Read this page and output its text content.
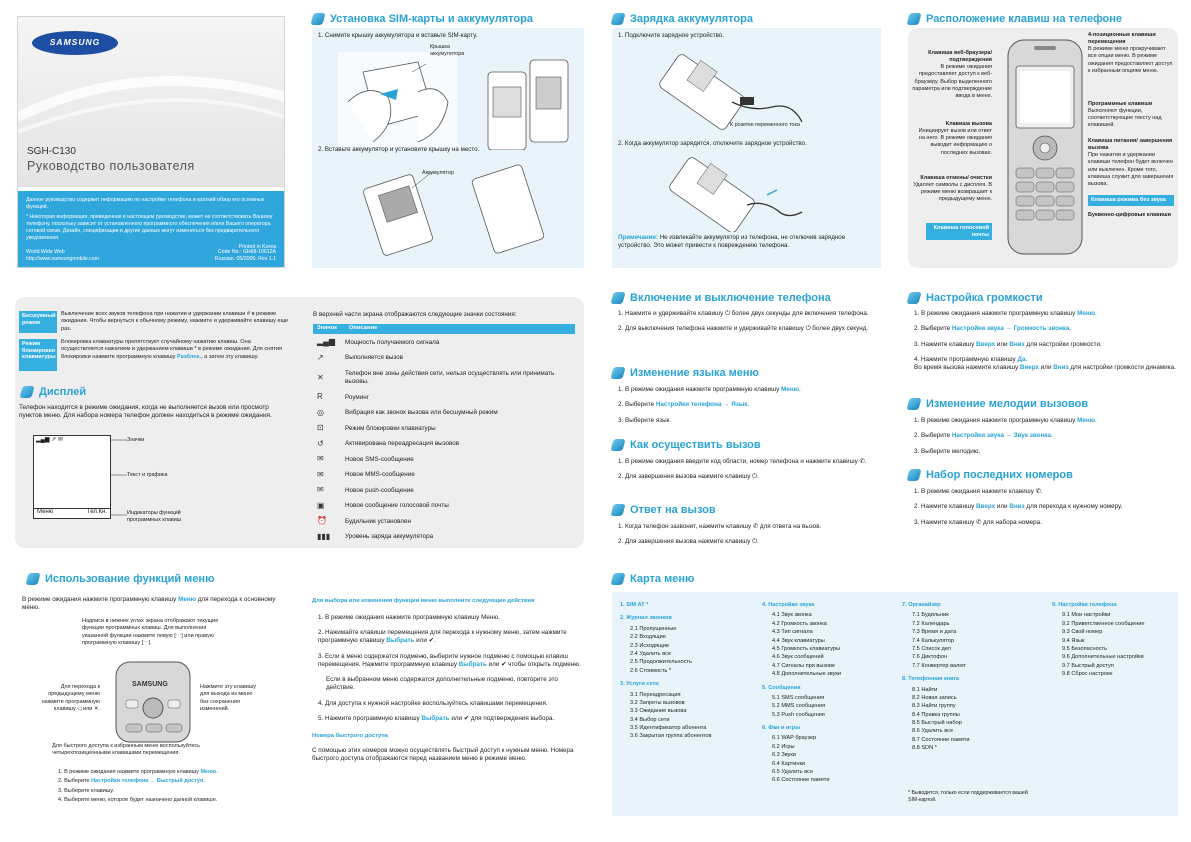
SAMSUNG
SGH-C130
Руководство пользователя
Данное руководство содержит информацию по настройке телефона и краткий обзор его основных функций.
* Некоторая информация, приведенная в настоящем руководстве, может не соответствовать Вашему телефону, поскольку зависит от установленного программного обеспечения и/или Вашего оператора сотовой связи. Дизайн, спецификации и другие данные могут изменяться без предварительного уведомления.
Printed in Korea
World Wide Web
http://www.samsungmobile.com
Code No.: GH68-10612A
Russian. 05/2006. Rev 1.1
Установка SIM-карты и аккумулятора
1. Снимите крышку аккумулятора и вставьте SIM-карту.
Крышка аккумулятора
2. Вставьте аккумулятор и установите крышку на место.
Аккумулятор
Зарядка аккумулятора
1. Подключите зарядное устройство.
К розетке переменного тока
2. Когда аккумулятор зарядится, отключите зарядное устройство.
Примечание: Не извлекайте аккумулятор из телефона, не отключив зарядное устройство. Это может привести к повреждению телефона.
Расположение клавиш на телефоне
Клавиша веб-браузера/ подтверждения
В режиме ожидания предоставляет доступ к веб-браузеру. Выбор выделенного параметра или подтверждение ввода в меню.
Клавиша вызова
Инициирует вызов или ответ на него. В режиме ожидания выводит информацию о последних вызовах.
Клавиша отмены/ очистки
Удаляет символы с дисплея. В режиме меню возвращает к предыдущему меню.
Клавиша голосовой почты
4-позиционные клавиши перемещения
В режиме меню прокручивают все опции меню. В режиме ожидания предоставляют доступ к избранным опциям меню.
Программные клавиши
Выполняют функции, соответствующие тексту над клавишей.
Клавиша питания/ завершения вызова
При нажатии и удержании клавиши телефон будет включен или выключен. Кроме того, клавиша служит для завершения вызова.
Клавиша режима без звука
Буквенно-цифровые клавиши
Бесшумный режим
Выключение всех звуков телефона при нажатии и удержании клавиши # в режиме ожидания. Чтобы вернуться к обычному режиму, нажмите и удерживайте клавишу еще раз.
Режим блокировки клавиатуры
Блокировка клавиатуры препятствует случайному нажатию клавиш. Она осуществляется нажатием и удержанием клавиши * в режиме ожидания. Для снятия блокировки нажмите программную клавишу Разблок., а затем эту клавишу.
Дисплей
Телефон находится в режиме ожидания, когда не выполняется вызов или просмотр пунктов меню. Для набора номера телефон должен находиться в режиме ожидания.
▂▄▆ ↗ ✉
Меню	Тел.Кн.
Значки
Текст и графика
Индикаторы функций программных клавиш
В верхней части экрана отображаются следующие значки состояния:
Значок	Описание
▂▄▆	Мощность получаемого сигнала
↗	Выполняется вызов
✕	Телефон вне зоны действия сети, нельзя осуществлять или принимать вызовы.
R	Роуминг
◎	Вибрация как звонок вызова или бесшумный режим
⊡	Режим блокировки клавиатуры
↺	Активирована переадресация вызовов
✉	Новое SMS-сообщение
✉	Новое MMS-сообщение
✉	Новое push-сообщение
▣	Новое сообщение голосовой почты
⏰	Будильник установлен
▮▮▮	Уровень заряда аккумулятора
Включение и выключение телефона
1. Нажмите и удерживайте клавишу ⏻ более двух секунды для включения телефона.
2. Для выключения телефона нажмите и удерживайте клавишу ⏻ более двух секунд.
Изменение языка меню
1. В режиме ожидания нажмите программную клавишу Меню.
2. Выберите Настройки телефона → Язык.
3. Выберите язык.
Как осуществить вызов
1. В режиме ожидания введите код области, номер телефона и нажмите клавишу ✆.
2. Для завершения вызова нажмите клавишу ⏻.
Ответ на вызов
1. Когда телефон зазвонит, нажмите клавишу ✆ для ответа на вызов.
2. Для завершения вызова нажмите клавишу ⏻.
Настройка громкости
1. В режиме ожидания нажмите программную клавишу Меню.
2. Выберите Настройки звука → Громкость звонка.
3. Нажмите клавишу Вверх или Вниз для настройки громкости.
4. Нажмите программную клавишу Да.
Во время вызова нажмите клавишу Вверх или Вниз для настройки громкости динамика.
Изменение мелодии вызовов
1. В режиме ожидания нажмите программную клавишу Меню.
2. Выберите Настройки звука → Звук звонка.
3. Выберите мелодию.
Набор последних номеров
1. В режиме ожидания нажмите клавишу ✆.
2. Нажмите клавишу Вверх или Вниз для перехода к нужному номеру.
3. Нажмите клавишу ✆ для набора номера.
Использование функций меню
В режиме ожидания нажмите программную клавишу Меню для перехода к основному меню.
Надписи в нижних углах экрана отображают текущие функции программных клавиш. Для выполнения указанной функции нажмите левую [⋯] или правую программную клавишу [⋯].
SAMSUNG
Для перехода к предыдущему меню нажмите программную клавишу ◁ или ✕.
Нажмите эту клавишу для выхода из меню без сохранения изменений.
Для быстрого доступа к избранным меню воспользуйтесь четырехпозиционными клавишами перемещения.
1. В режиме ожидания нажмите программную клавишу Меню.
2. Выберите Настройки телефона → Быстрый доступ.
3. Выберите клавишу.
4. Выберите меню, которое будет назначено данной клавише.
Для выбора или изменения функции меню выполните следующие действия
1. В режиме ожидания нажмите программную клавишу Меню.
2. Нажимайте клавиши перемещения для перехода к нужному меню, затем нажмите программную клавишу Выбрать или ✔.
3. Если в меню содержатся подменю, выберите нужное подменю с помощью клавиш перемещения. Нажмите программную клавишу Выбрать или ✔ чтобы открыть подменю.
Если в выбранном меню содержатся дополнительные подменю, повторите это действие.
4. Для доступа к нужной настройке воспользуйтесь клавишами перемещения.
5. Нажмите программную клавишу Выбрать или ✔ для подтверждения выбора.
Номера быстрого доступа
С помощью этих номеров можно осуществлять быстрый доступ к нужным меню. Номера быстрого доступа отображаются перед названием меню в режиме меню.
Карта меню
1. SIM AT *
2. Журнал звонков
2.1 Пропущенные
2.2 Входящие
2.3 Исходящие
2.4 Удалить все
2.5 Продолжительность
2.6 Стоимость *
3. Услуги сети
3.1 Переадресация
3.2 Запреты вызовов
3.3 Ожидание вызова
3.4 Выбор сети
3.5 Идентификатор абонента
3.6 Закрытая группа абонентов
4. Настройки звука
4.1 Звук звонка
4.2 Громкость звонка
4.3 Тип сигнала
4.4 Звук клавиатуры
4.5 Громкость клавиатуры
4.6 Звук сообщений
4.7 Сигналы при вызове
4.8 Дополнительные звуки
5. Сообщения
5.1 SMS сообщения
5.2 MMS сообщения
5.3 Push сообщения
6. Фан и игры
6.1 WAP браузер
6.2 Игры
6.3 Звуки
6.4 Картинки
6.5 Удалить все
6.6 Состояние памяти
7. Органайзер
7.1 Будильник
7.2 Календарь
7.3 Время и дата
7.4 Калькулятор
7.5 Список дел
7.6 Диктофон
7.7 Конвертер валют
8. Телефонная книга
8.1 Найти
8.2 Новая запись
8.3 Найти группу
8.4 Правка группы
8.5 Быстрый набор
8.6 Удалить все
8.7 Состояние памяти
8.8 SDN *
9. Настройки телефона
9.1 Мои настройки
9.2 Приветственное сообщение
9.3 Свой номер
9.4 Язык
9.5 Безопасность
9.6 Дополнительные настройки
9.7 Быстрый доступ
9.8 Сброс настроек
* Выводится, только если поддерживается вашей SIM-картой.
